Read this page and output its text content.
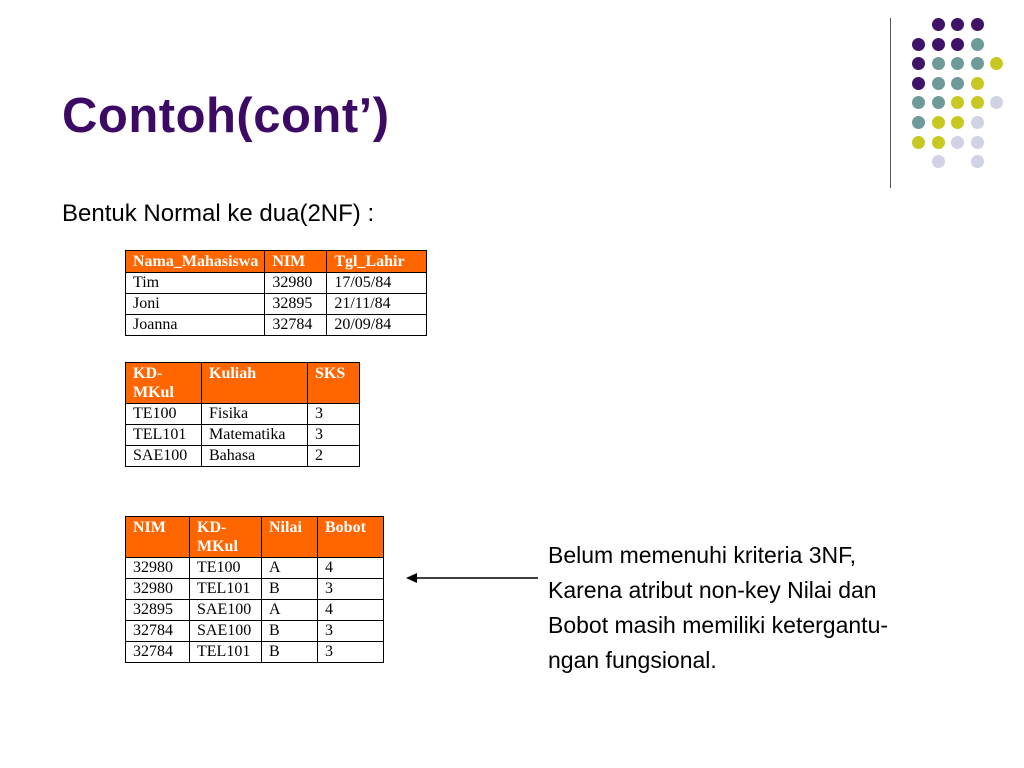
Contoh(cont’)

Bentuk Normal ke dua(2NF) :

Nama_Mahasiswa	NIM	Tgl_Lahir
Tim	32980	17/05/84
Joni	32895	21/11/84
Joanna	32784	20/09/84
KD-MKul	Kuliah	SKS
TE100	Fisika	3
TEL101	Matematika	3
SAE100	Bahasa	2
NIM	KD-MKul	Nilai	Bobot
32980	TE100	A	4
32980	TEL101	B	3
32895	SAE100	A	4
32784	SAE100	B	3
32784	TEL101	B	3

Belum memenuhi kriteria 3NF,
Karena atribut non-key Nilai dan
Bobot masih memiliki ketergantu-
ngan fungsional.
